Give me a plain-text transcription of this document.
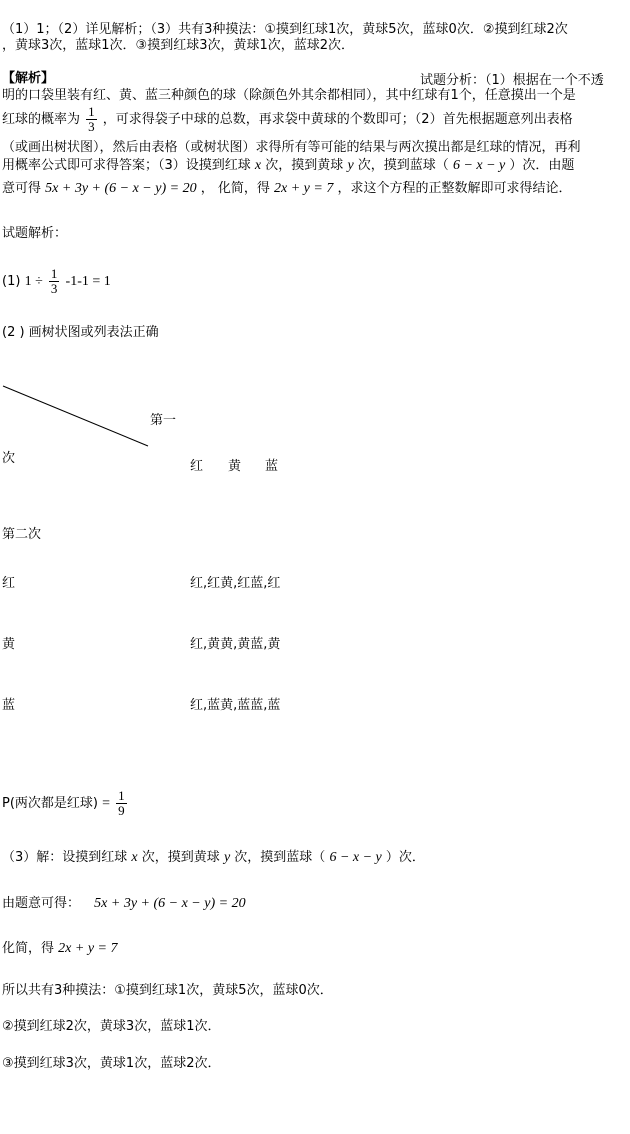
（1）1；（2）详见解析；（3）共有3种摸法：①摸到红球1次，黄球5次，蓝球0次．②摸到红球2次
，黄球3次，蓝球1次．③摸到红球3次，黄球1次，蓝球2次．
【解析】	试题分析：（1）根据在一个不透
明的口袋里装有红、黄、蓝三种颜色的球（除颜色外其余都相同），其中红球有1个，任意摸出一个是
红球的概率为 $\frac{1}{3}$ ，可求得袋子中球的总数，再求袋中黄球的个数即可；（2）首先根据题意列出表格
（或画出树状图），然后由表格（或树状图）求得所有等可能的结果与两次摸出都是红球的情况，再利
用概率公式即可求得答案；（3）设摸到红球 x 次，摸到黄球 y 次，摸到蓝球（ 6 − x − y ）次．由题
意可得 5x + 3y + (6 − x − y) = 20 ， 化简，得 2x + y = 7 ，求这个方程的正整数解即可求得结论．
试题解析：
(1) $1 \div \frac{1}{3} -1-1 = 1$
(2 ) 画树状图或列表法正确
第一
次
红 黄 蓝
第二次
红	红,红黄,红蓝,红
黄	红,黄黄,黄蓝,黄
蓝	红,蓝黄,蓝蓝,蓝
P(两次都是红球) = $\frac{1}{9}$
（3）解：设摸到红球 x 次，摸到黄球 y 次，摸到蓝球（ 6 − x − y ）次．
由题意可得： 5x + 3y + (6 − x − y) = 20
化简，得 2x + y = 7
所以共有3种摸法：①摸到红球1次，黄球5次，蓝球0次．
②摸到红球2次，黄球3次，蓝球1次．
③摸到红球3次，黄球1次，蓝球2次．
